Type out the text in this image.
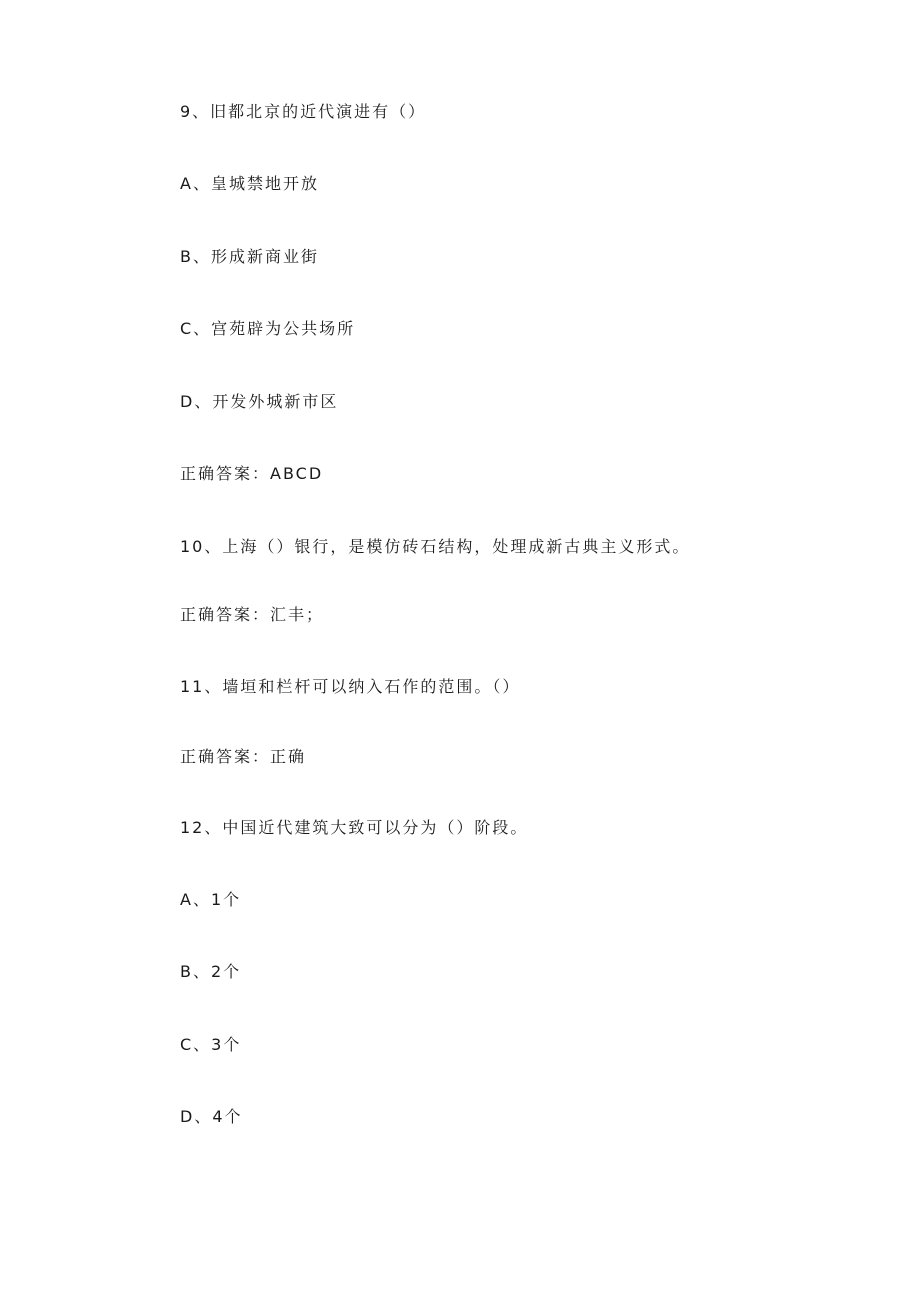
9、旧都北京的近代演进有（）
A、皇城禁地开放
B、形成新商业街
C、宫苑辟为公共场所
D、开发外城新市区
正确答案：ABCD
10、上海（）银行，是模仿砖石结构，处理成新古典主义形式。
正确答案：汇丰；
11、墙垣和栏杆可以纳入石作的范围。（）
正确答案：正确
12、中国近代建筑大致可以分为（）阶段。
A、1个
B、2个
C、3个
D、4个
